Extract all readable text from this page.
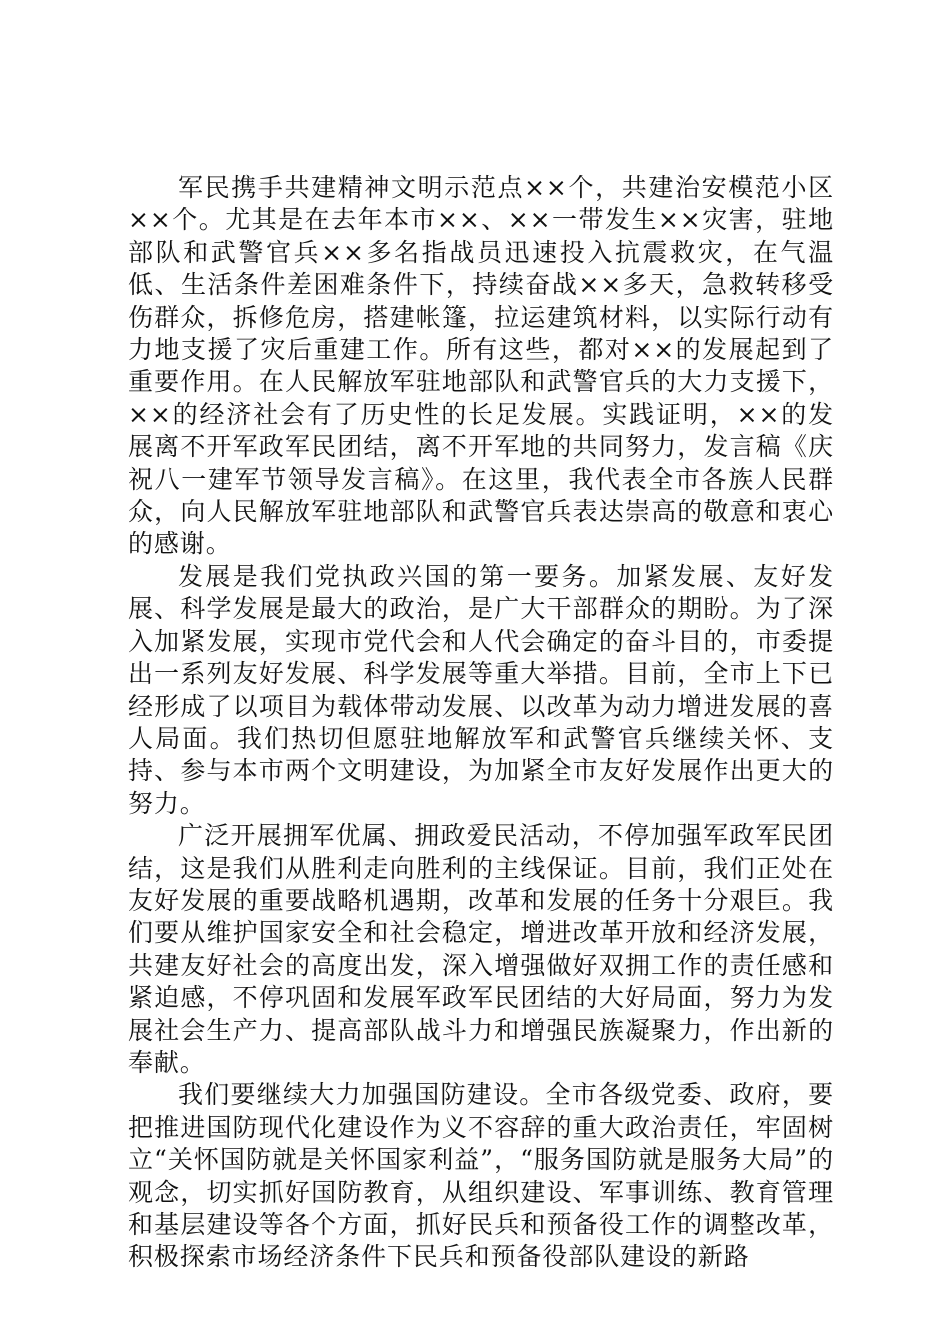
军民携手共建精神文明示范点××个，共建治安模范小区××个。尤其是在去年本市××、××一带发生××灾害，驻地部队和武警官兵××多名指战员迅速投入抗震救灾，在气温低、生活条件差困难条件下，持续奋战××多天，急救转移受伤群众，拆修危房，搭建帐篷，拉运建筑材料，以实际行动有力地支援了灾后重建工作。所有这些，都对××的发展起到了重要作用。在人民解放军驻地部队和武警官兵的大力支援下，××的经济社会有了历史性的长足发展。实践证明，××的发展离不开军政军民团结，离不开军地的共同努力，发言稿《庆祝八一建军节领导发言稿》。在这里，我代表全市各族人民群众，向人民解放军驻地部队和武警官兵表达崇高的敬意和衷心的感谢。

发展是我们党执政兴国的第一要务。加紧发展、友好发展、科学发展是最大的政治，是广大干部群众的期盼。为了深入加紧发展，实现市党代会和人代会确定的奋斗目的，市委提出一系列友好发展、科学发展等重大举措。目前，全市上下已经形成了以项目为载体带动发展、以改革为动力增进发展的喜人局面。我们热切但愿驻地解放军和武警官兵继续关怀、支持、参与本市两个文明建设，为加紧全市友好发展作出更大的努力。

广泛开展拥军优属、拥政爱民活动，不停加强军政军民团结，这是我们从胜利走向胜利的主线保证。目前，我们正处在友好发展的重要战略机遇期，改革和发展的任务十分艰巨。我们要从维护国家安全和社会稳定，增进改革开放和经济发展，共建友好社会的高度出发，深入增强做好双拥工作的责任感和紧迫感，不停巩固和发展军政军民团结的大好局面，努力为发展社会生产力、提高部队战斗力和增强民族凝聚力，作出新的奉献。

我们要继续大力加强国防建设。全市各级党委、政府，要把推进国防现代化建设作为义不容辞的重大政治责任，牢固树立“关怀国防就是关怀国家利益”，“服务国防就是服务大局”的观念，切实抓好国防教育，从组织建设、军事训练、教育管理和基层建设等各个方面，抓好民兵和预备役工作的调整改革，积极探索市场经济条件下民兵和预备役部队建设的新路
